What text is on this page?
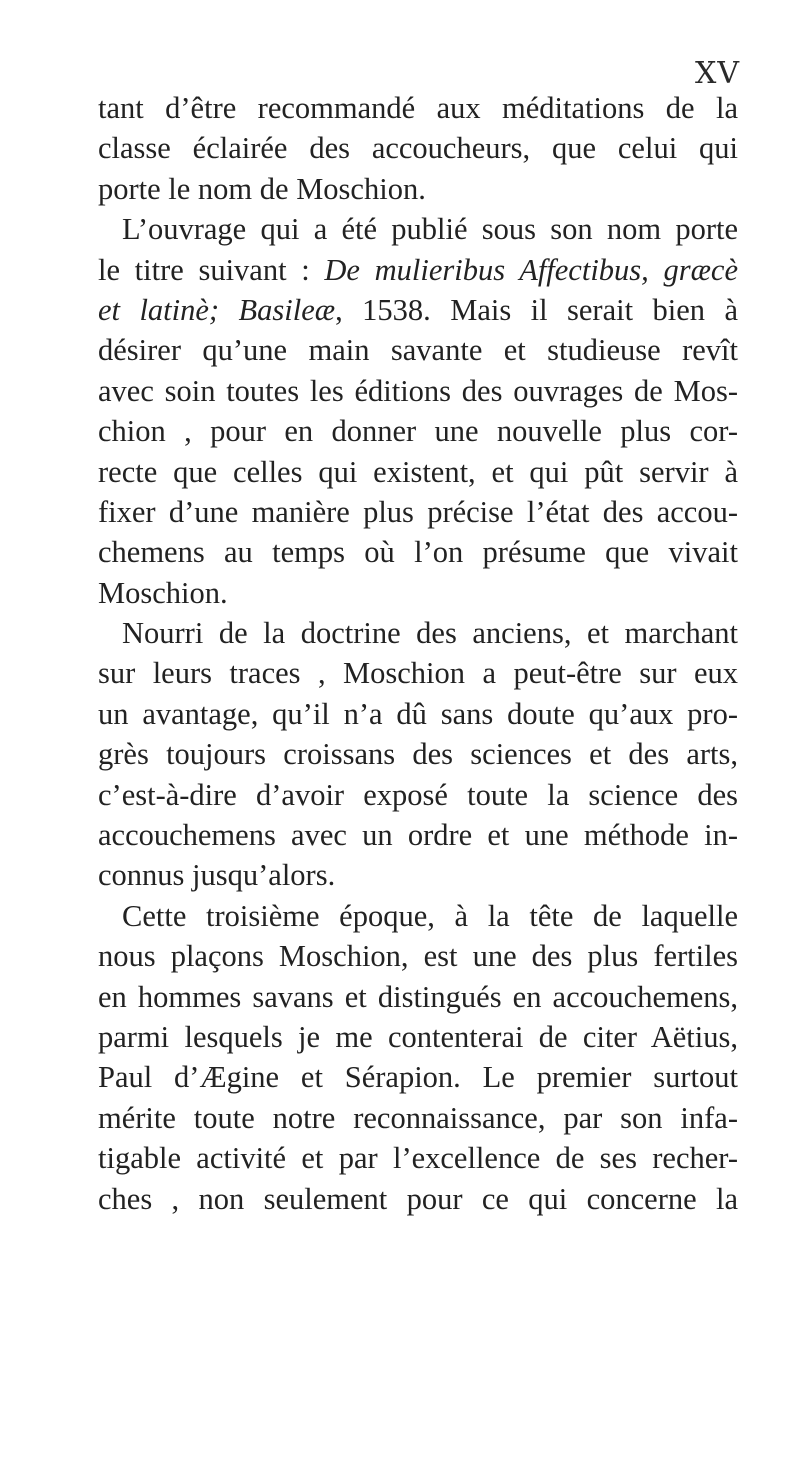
XV
tant d’être recommandé aux méditations de la
classe éclairée des accoucheurs, que celui qui
porte le nom de Moschion.
L’ouvrage qui a été publié sous son nom porte
le titre suivant : De mulieribus Affectibus, græcè
et latinè; Basileæ, 1538. Mais il serait bien à
désirer qu’une main savante et studieuse revît
avec soin toutes les éditions des ouvrages de Mos-
chion , pour en donner une nouvelle plus cor-
recte que celles qui existent, et qui pût servir à
fixer d’une manière plus précise l’état des accou-
chemens au temps où l’on présume que vivait
Moschion.
Nourri de la doctrine des anciens, et marchant
sur leurs traces , Moschion a peut-être sur eux
un avantage, qu’il n’a dû sans doute qu’aux pro-
grès toujours croissans des sciences et des arts,
c’est-à-dire d’avoir exposé toute la science des
accouchemens avec un ordre et une méthode in-
connus jusqu’alors.
Cette troisième époque, à la tête de laquelle
nous plaçons Moschion, est une des plus fertiles
en hommes savans et distingués en accouchemens,
parmi lesquels je me contenterai de citer Aëtius,
Paul d’Ægine et Sérapion. Le premier surtout
mérite toute notre reconnaissance, par son infa-
tigable activité et par l’excellence de ses recher-
ches , non seulement pour ce qui concerne la
